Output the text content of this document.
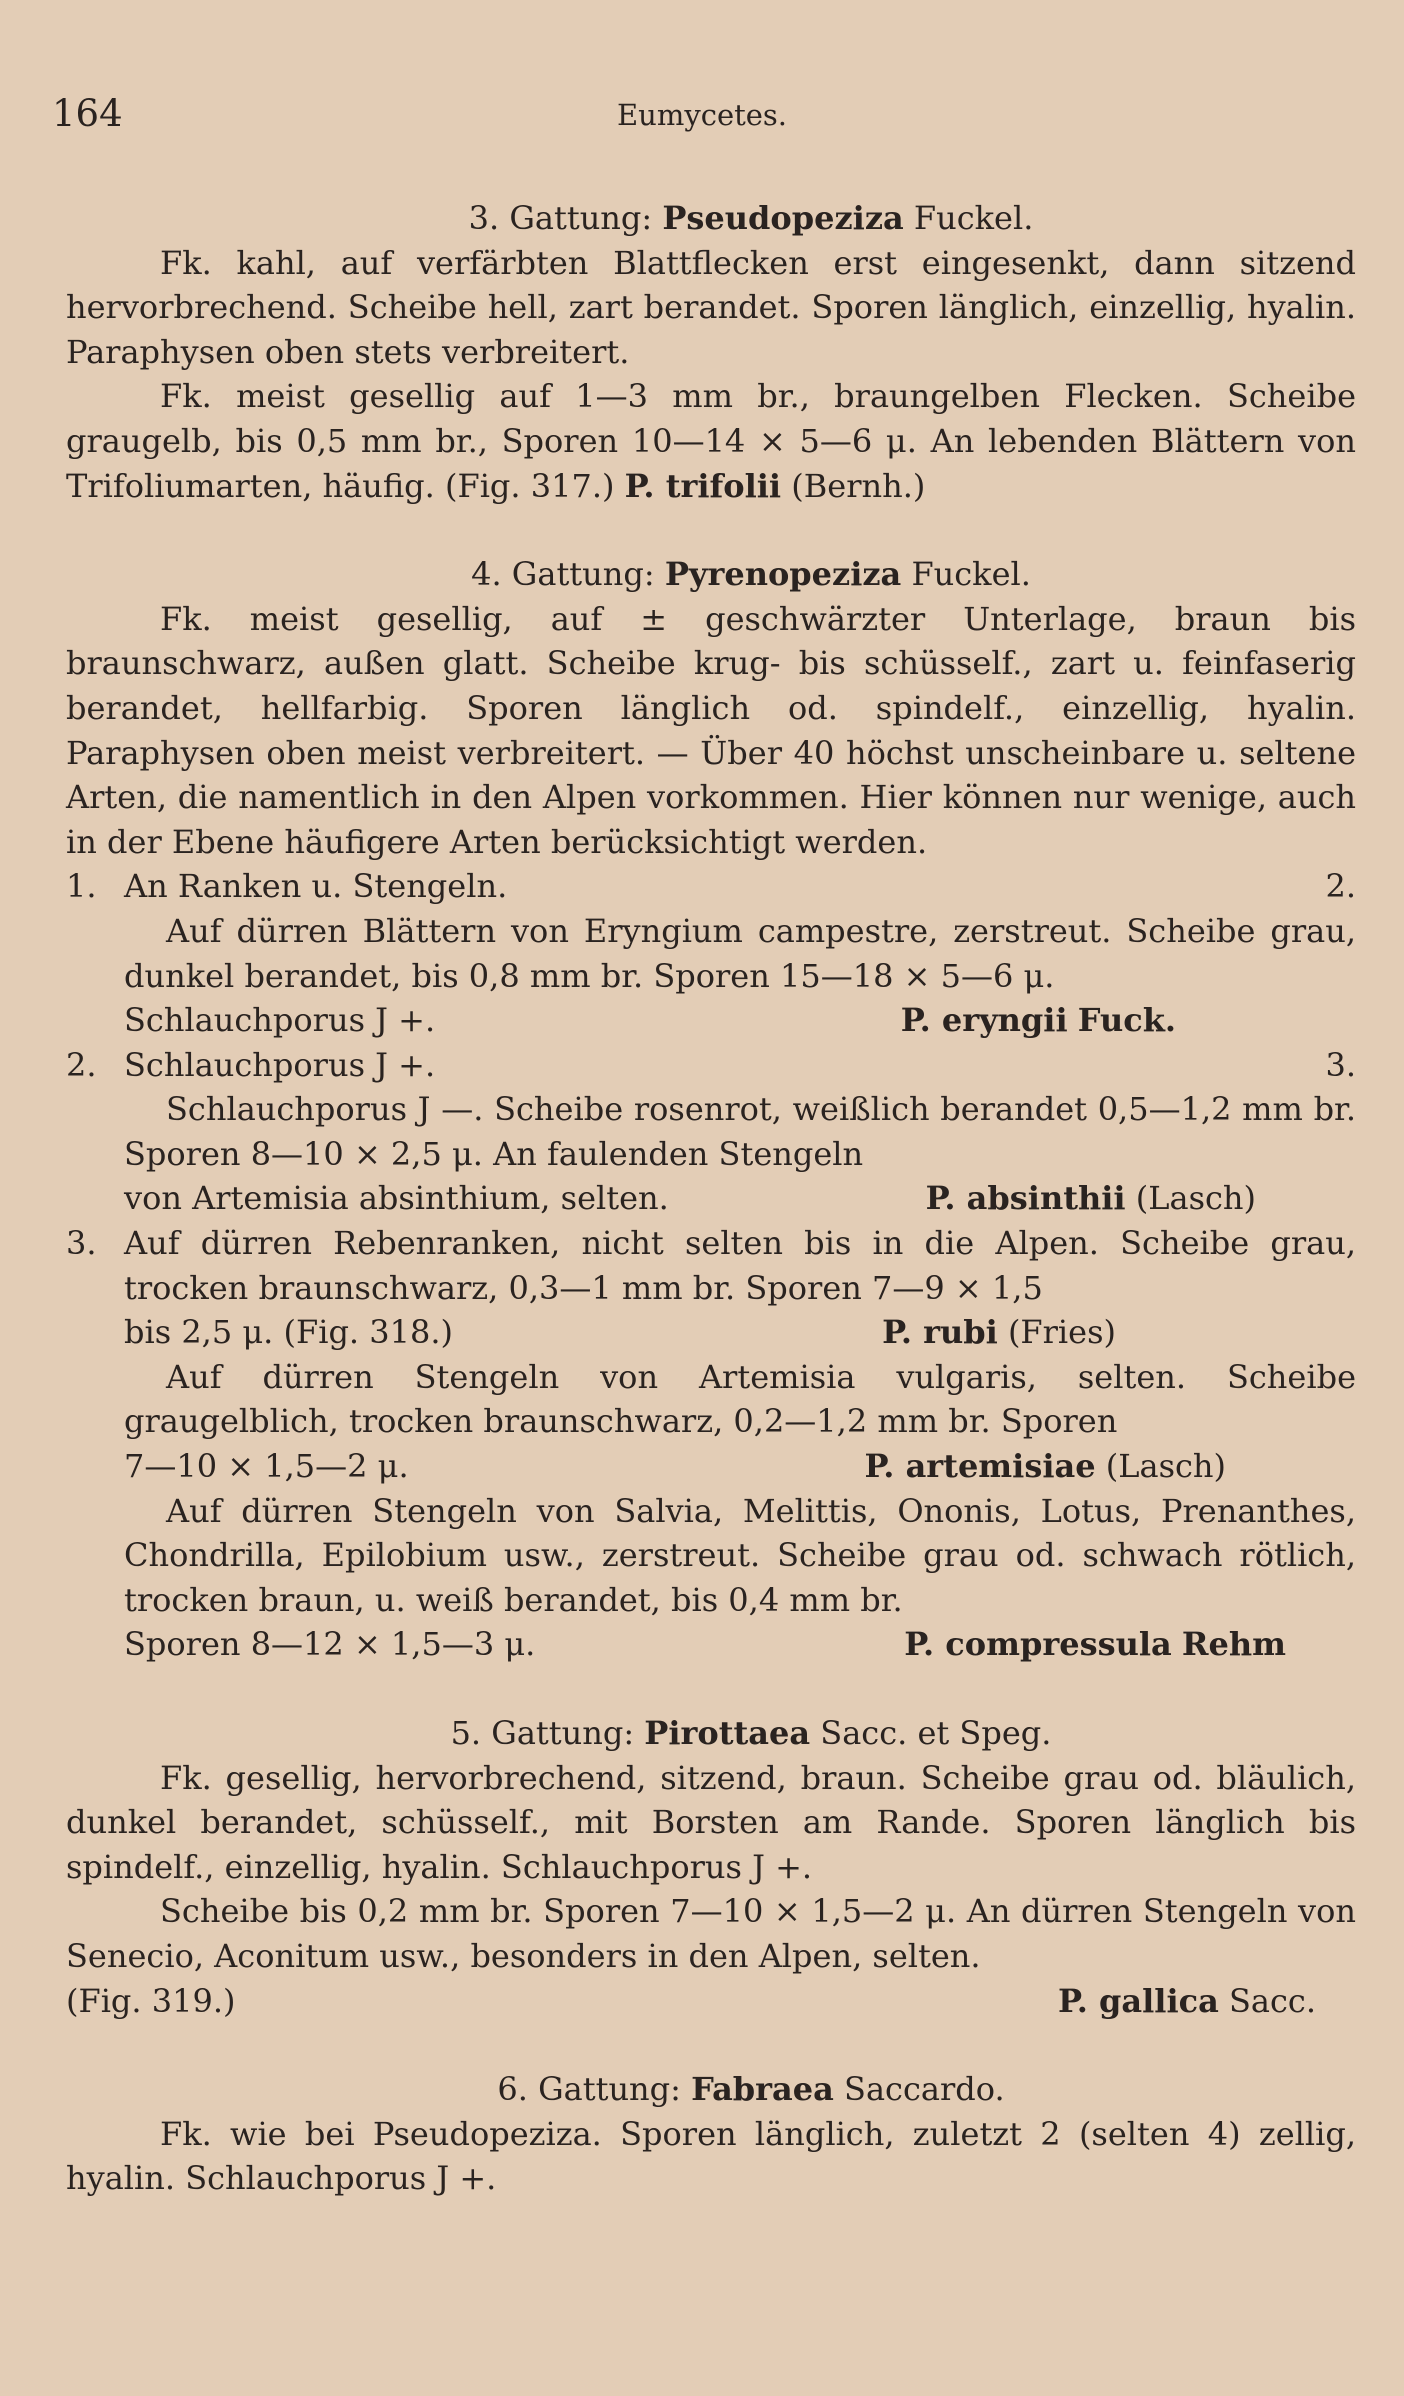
164	Eumycetes.
3. Gattung: Pseudopeziza Fuckel.
Fk. kahl, auf verfärbten Blattflecken erst eingesenkt, dann sitzend hervorbrechend. Scheibe hell, zart berandet. Sporen länglich, einzellig, hyalin. Paraphysen oben stets verbreitert.
Fk. meist gesellig auf 1—3 mm br., braungelben Flecken. Scheibe graugelb, bis 0,5 mm br., Sporen 10—14 × 5—6 μ. An lebenden Blättern von Trifoliumarten, häufig. (Fig. 317.) P. trifolii (Bernh.)
4. Gattung: Pyrenopeziza Fuckel.
Fk. meist gesellig, auf ± geschwärzter Unterlage, braun bis braunschwarz, außen glatt. Scheibe krug- bis schüsself., zart u. feinfaserig berandet, hellfarbig. Sporen länglich od. spindelf., einzellig, hyalin. Paraphysen oben meist verbreitert. — Über 40 höchst unscheinbare u. seltene Arten, die namentlich in den Alpen vorkommen. Hier können nur wenige, auch in der Ebene häufigere Arten berücksichtigt werden.
1. An Ranken u. Stengeln.	2.
Auf dürren Blättern von Eryngium campestre, zerstreut. Scheibe grau, dunkel berandet, bis 0,8 mm br. Sporen 15—18 × 5—6 μ.
Schlauchporus J +.	P. eryngii Fuck.
2. Schlauchporus J +.	3.
Schlauchporus J —. Scheibe rosenrot, weißlich berandet 0,5—1,2 mm br. Sporen 8—10 × 2,5 μ. An faulenden Stengeln
von Artemisia absinthium, selten.	P. absinthii (Lasch)
3. Auf dürren Rebenranken, nicht selten bis in die Alpen. Scheibe grau, trocken braunschwarz, 0,3—1 mm br. Sporen 7—9 × 1,5
bis 2,5 μ. (Fig. 318.)	P. rubi (Fries)
Auf dürren Stengeln von Artemisia vulgaris, selten. Scheibe graugelblich, trocken braunschwarz, 0,2—1,2 mm br. Sporen
7—10 × 1,5—2 μ.	P. artemisiae (Lasch)
Auf dürren Stengeln von Salvia, Melittis, Ononis, Lotus, Prenanthes, Chondrilla, Epilobium usw., zerstreut. Scheibe grau od. schwach rötlich, trocken braun, u. weiß berandet, bis 0,4 mm br.
Sporen 8—12 × 1,5—3 μ.	P. compressula Rehm
5. Gattung: Pirottaea Sacc. et Speg.
Fk. gesellig, hervorbrechend, sitzend, braun. Scheibe grau od. bläulich, dunkel berandet, schüsself., mit Borsten am Rande. Sporen länglich bis spindelf., einzellig, hyalin. Schlauchporus J +.
Scheibe bis 0,2 mm br. Sporen 7—10 × 1,5—2 μ. An dürren Stengeln von Senecio, Aconitum usw., besonders in den Alpen, selten.
(Fig. 319.)	P. gallica Sacc.
6. Gattung: Fabraea Saccardo.
Fk. wie bei Pseudopeziza. Sporen länglich, zuletzt 2 (selten 4) zellig, hyalin. Schlauchporus J +.
